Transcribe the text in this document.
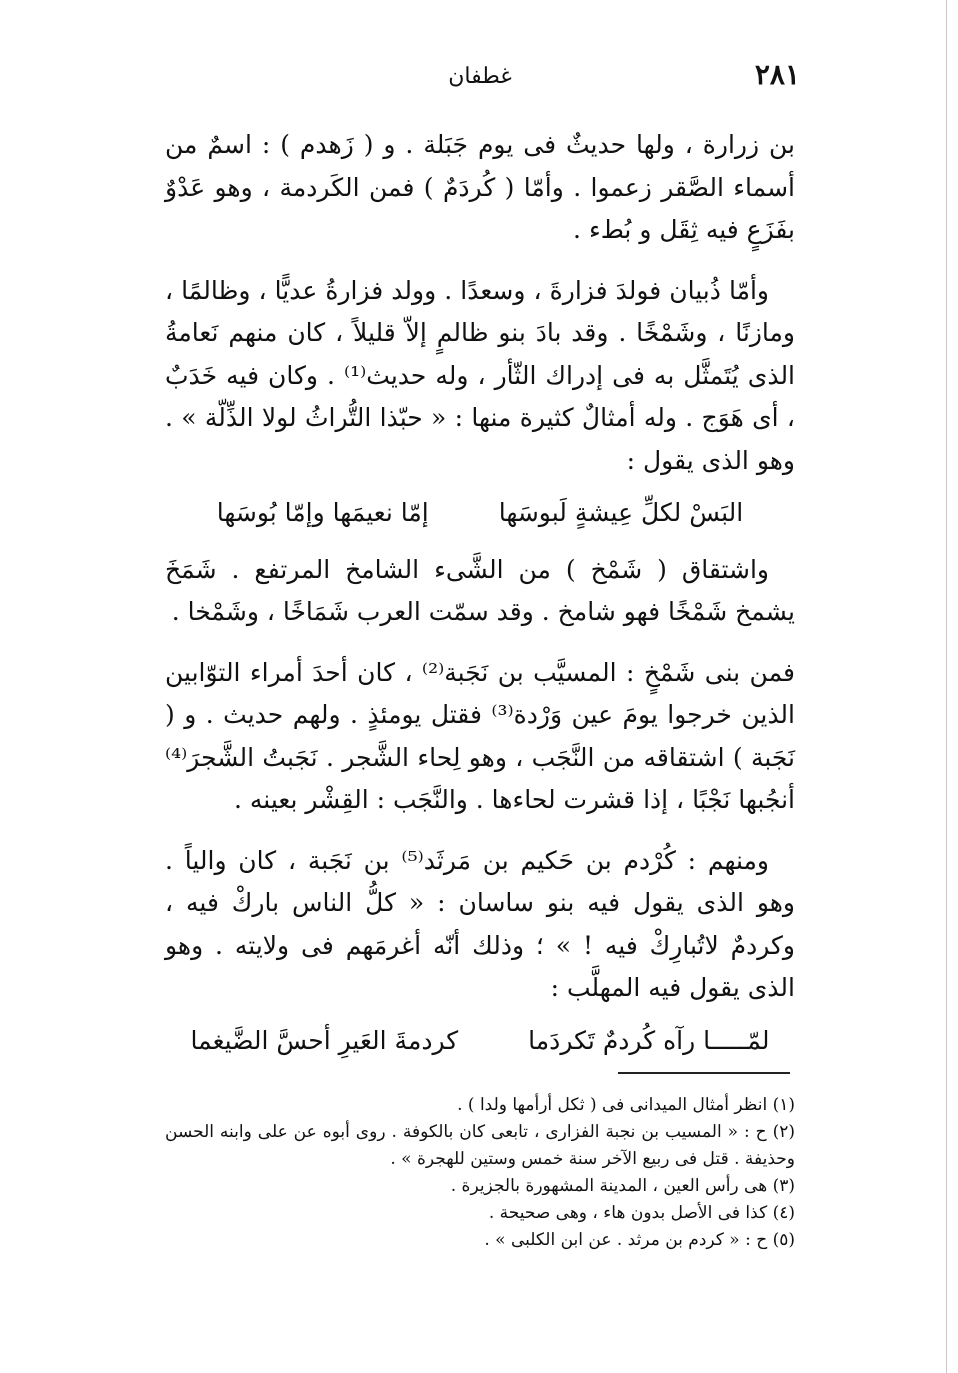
٢٨١
غطفان

بن زرارة ، ولها حديثٌ فى يوم جَبَلة . و ( زَهدم ) : اسمٌ من أسماء الصَّقر زعموا . وأمّا ( كُردَمٌ ) فمن الكَردمة ، وهو عَدْوٌ بفَزَعٍ فيه ثِقَل و بُطء .

وأمّا ذُبيان فولدَ فزارةَ ، وسعدًا . وولد فزارةُ عديًّا ، وظالمًا ، ومازنًا ، وشَمْخًا . وقد بادَ بنو ظالمٍ إلاّ قليلاً ، كان منهم نَعامةُ الذى يُتَمثَّل به فى إدراك الثّأر ، وله حديث⁽¹⁾ . وكان فيه خَدَبٌ ، أى هَوَج . وله أمثالٌ كثيرة منها : « حبّذا التُّراثُ لولا الذِّلّة » . وهو الذى يقول :

البَسْ لكلِّ عِيشةٍ لَبوسَهاإمّا نعيمَها وإمّا بُوسَها

واشتقاق ( شَمْخ ) من الشَّىء الشامخ المرتفع . شَمَخَ يشمخ شَمْخًا فهو شامخ . وقد سمّت العرب شَمَاخًا ، وشَمْخا .

فمن بنى شَمْخٍ : المسيَّب بن نَجَبة⁽²⁾ ، كان أحدَ أمراء التوّابين الذين خرجوا يومَ عين وَرْدة⁽³⁾ فقتل يومئذٍ . ولهم حديث . و ( نَجَبة ) اشتقاقه من النَّجَب ، وهو لِحاء الشَّجر . نَجَبتُ الشَّجرَ⁽⁴⁾ أنجُبها نَجْبًا ، إذا قشرت لحاءها . والنَّجَب : القِشْر بعينه .

ومنهم : كُرْدم بن حَكيم بن مَرثَد⁽⁵⁾ بن نَجَبة ، كان والياً . وهو الذى يقول فيه بنو ساسان : « كلُّ الناس باركْ فيه ، وكردمٌ لاتُبارِكْ فيه ! » ؛ وذلك أنّه أغرمَهم فى ولايته . وهو الذى يقول فيه المهلَّب :

لمّـــــا رآه كُردمٌ تَكردَماكردمةَ العَيرِ أحسَّ الضَّيغما

(١) انظر أمثال الميدانى فى ( ثكل أرأمها ولدا ) .

(٢) ح : « المسيب بن نجبة الفزارى ، تابعى كان بالكوفة . روى أبوه عن على وابنه الحسن وحذيفة . قتل فى ربيع الآخر سنة خمس وستين للهجرة » .

(٣) هى رأس العين ، المدينة المشهورة بالجزيرة .

(٤) كذا فى الأصل بدون هاء ، وهى صحيحة .

(٥) ح : « كردم بن مرثد . عن ابن الكلبى » .
